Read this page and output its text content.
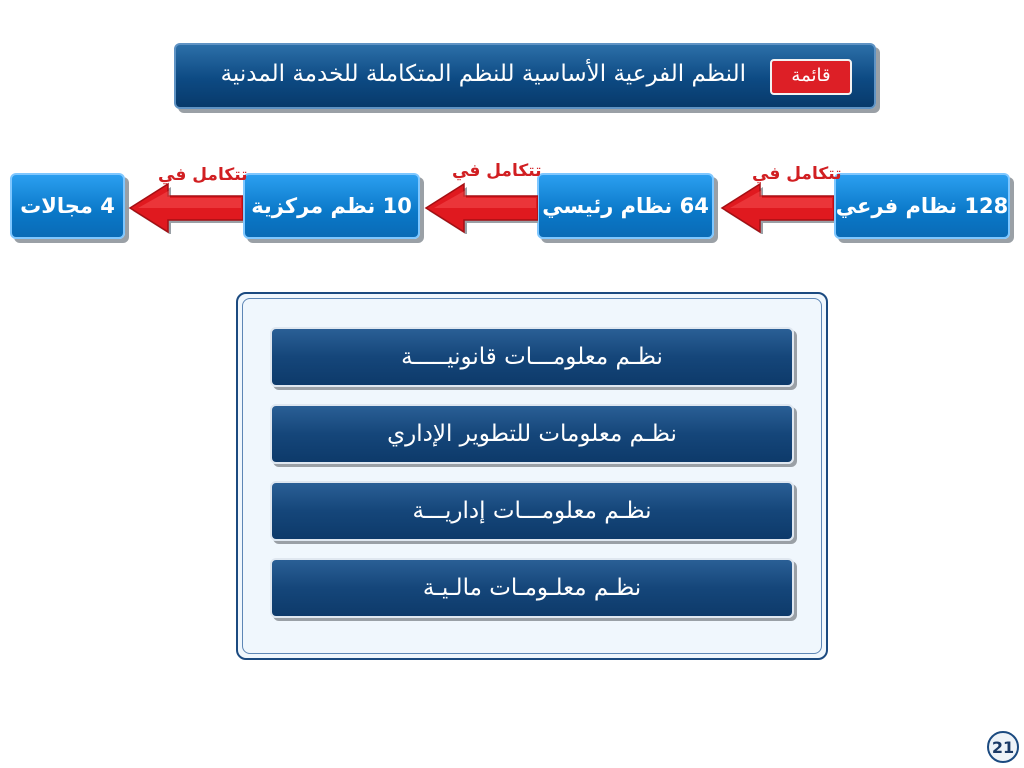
النظم الفرعية الأساسية للنظم المتكاملة للخدمة المدنية	قائمة
128 نظام فرعي
64 نظام رئيسي
10 نظم مركزية
4 مجالات
تتكامل في
تتكامل في
تتكامل في
نظـم معلومـــات قانونيـــــة
نظـم معلومات للتطوير الإداري
نظـم معلومـــات إداريـــة
نظـم معلـومـات مالـيـة
21
